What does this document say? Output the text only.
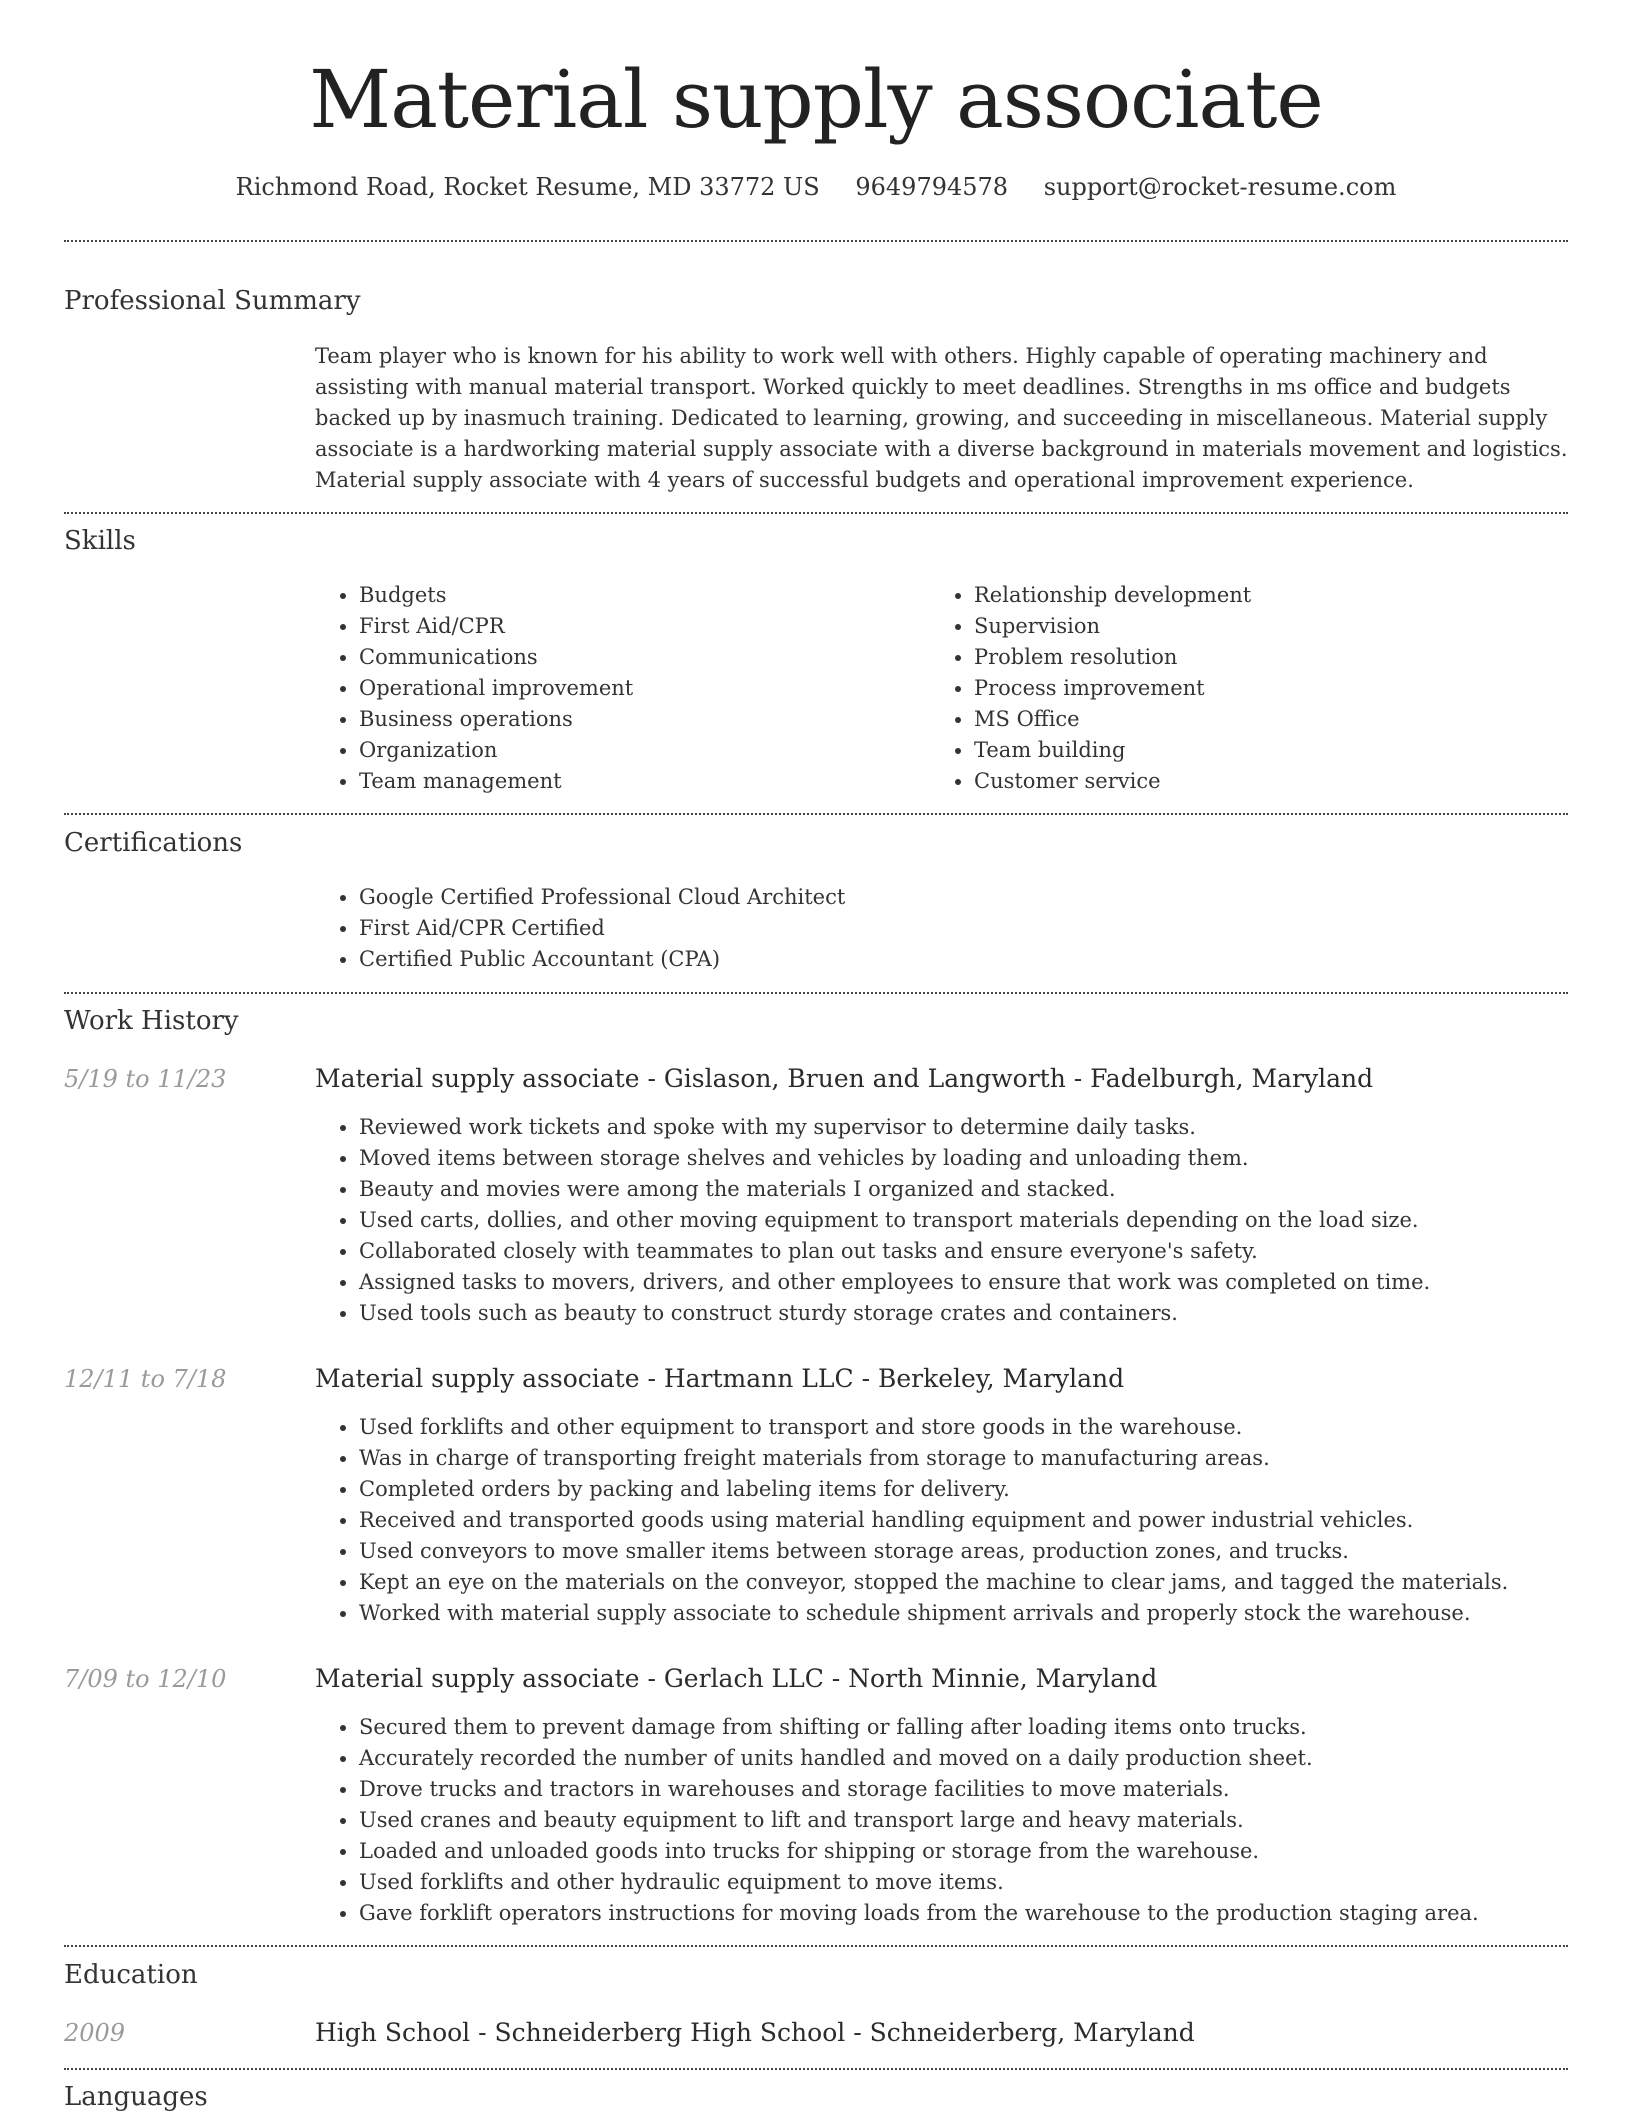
Material supply associate
Richmond Road, Rocket Resume, MD 33772 US 9649794578 support@rocket-resume.com
Professional Summary

Team player who is known for his ability to work well with others. Highly capable of operating machinery and assisting with manual material transport. Worked quickly to meet deadlines. Strengths in ms office and budgets backed up by inasmuch training. Dedicated to learning, growing, and succeeding in miscellaneous. Material supply associate is a hardworking material supply associate with a diverse background in materials movement and logistics. Material supply associate with 4 years of successful budgets and operational improvement experience.

Skills
• Budgets
• First Aid/CPR
• Communications
• Operational improvement
• Business operations
• Organization
• Team management
• Relationship development
• Supervision
• Problem resolution
• Process improvement
• MS Office
• Team building
• Customer service
Certifications
• Google Certified Professional Cloud Architect
• First Aid/CPR Certified
• Certified Public Accountant (CPA)
Work History
5/19 to 11/23	Material supply associate - Gislason, Bruen and Langworth - Fadelburgh, Maryland
• Reviewed work tickets and spoke with my supervisor to determine daily tasks.
• Moved items between storage shelves and vehicles by loading and unloading them.
• Beauty and movies were among the materials I organized and stacked.
• Used carts, dollies, and other moving equipment to transport materials depending on the load size.
• Collaborated closely with teammates to plan out tasks and ensure everyone's safety.
• Assigned tasks to movers, drivers, and other employees to ensure that work was completed on time.
• Used tools such as beauty to construct sturdy storage crates and containers.
12/11 to 7/18	Material supply associate - Hartmann LLC - Berkeley, Maryland
• Used forklifts and other equipment to transport and store goods in the warehouse.
• Was in charge of transporting freight materials from storage to manufacturing areas.
• Completed orders by packing and labeling items for delivery.
• Received and transported goods using material handling equipment and power industrial vehicles.
• Used conveyors to move smaller items between storage areas, production zones, and trucks.
• Kept an eye on the materials on the conveyor, stopped the machine to clear jams, and tagged the materials.
• Worked with material supply associate to schedule shipment arrivals and properly stock the warehouse.
7/09 to 12/10	Material supply associate - Gerlach LLC - North Minnie, Maryland
• Secured them to prevent damage from shifting or falling after loading items onto trucks.
• Accurately recorded the number of units handled and moved on a daily production sheet.
• Drove trucks and tractors in warehouses and storage facilities to move materials.
• Used cranes and beauty equipment to lift and transport large and heavy materials.
• Loaded and unloaded goods into trucks for shipping or storage from the warehouse.
• Used forklifts and other hydraulic equipment to move items.
• Gave forklift operators instructions for moving loads from the warehouse to the production staging area.
Education
2009	High School - Schneiderberg High School - Schneiderberg, Maryland
Languages
